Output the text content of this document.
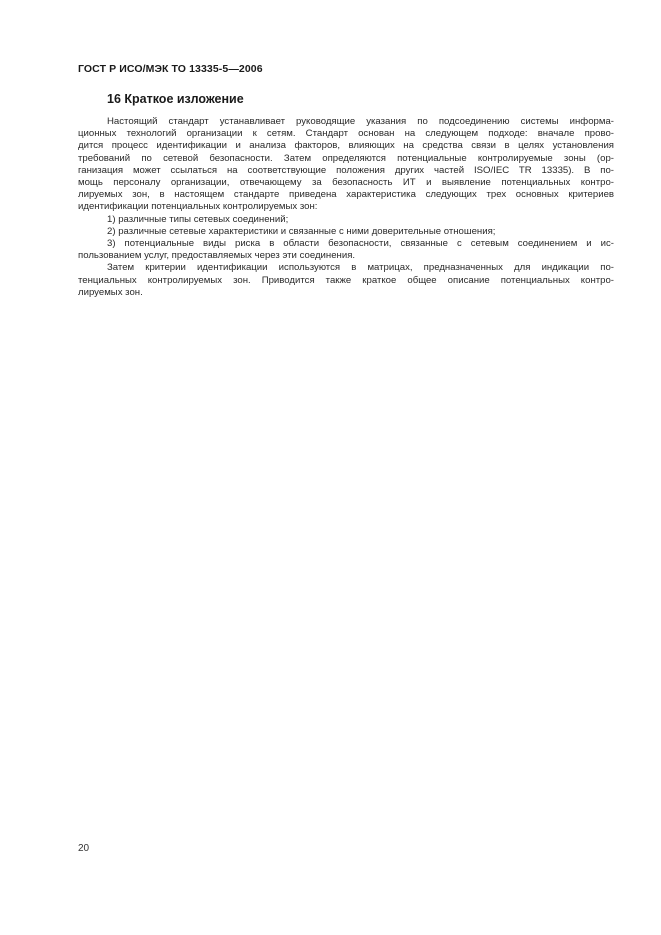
ГОСТ Р ИСО/МЭК ТО 13335-5—2006
16 Краткое изложение
Настоящий стандарт устанавливает руководящие указания по подсоединению системы информа-
ционных технологий организации к сетям. Стандарт основан на следующем подходе: вначале прово-
дится процесс идентификации и анализа факторов, влияющих на средства связи в целях установления
требований по сетевой безопасности. Затем определяются потенциальные контролируемые зоны (ор-
ганизация может ссылаться на соответствующие положения других частей ISO/IEC TR 13335). В по-
мощь персоналу организации, отвечающему за безопасность ИТ и выявление потенциальных контро-
лируемых зон, в настоящем стандарте приведена характеристика следующих трех основных критериев
идентификации потенциальных контролируемых зон:
1) различные типы сетевых соединений;
2) различные сетевые характеристики и связанные с ними доверительные отношения;
3) потенциальные виды риска в области безопасности, связанные с сетевым соединением и ис-
пользованием услуг, предоставляемых через эти соединения.
Затем критерии идентификации используются в матрицах, предназначенных для индикации по-
тенциальных контролируемых зон. Приводится также краткое общее описание потенциальных контро-
лируемых зон.
20
